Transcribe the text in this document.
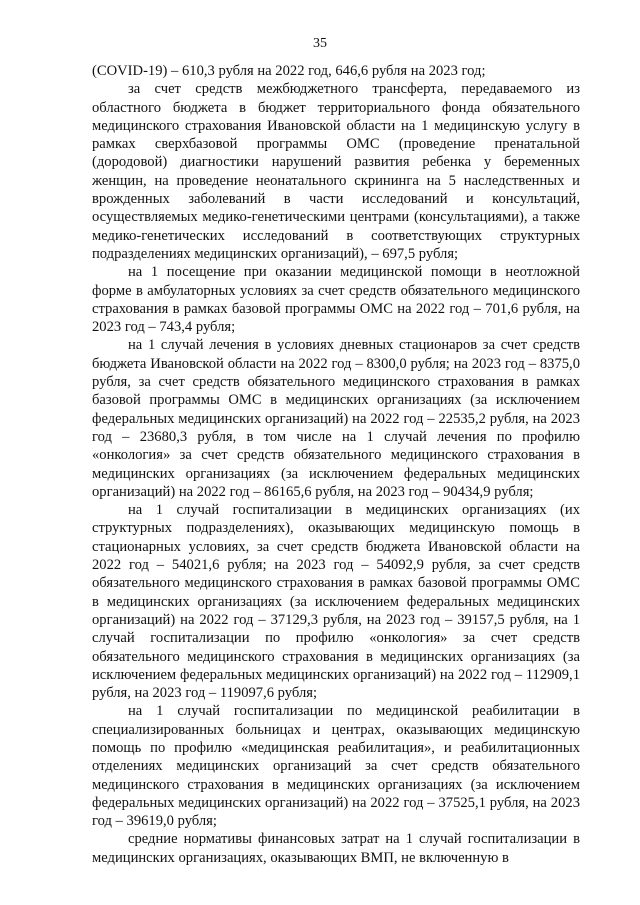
35

(COVID-19) – 610,3 рубля на 2022 год, 646,6 рубля на 2023 год;

за счет средств межбюджетного трансферта, передаваемого из областного бюджета в бюджет территориального фонда обязательного медицинского страхования Ивановской области на 1 медицинскую услугу в рамках сверхбазовой программы ОМС (проведение пренатальной (дородовой) диагностики нарушений развития ребенка у беременных женщин, на проведение неонатального скрининга на 5 наследственных и врожденных заболеваний в части исследований и консультаций, осуществляемых медико-генетическими центрами (консультациями), а также медико-генетических исследований в соответствующих структурных подразделениях медицинских организаций), – 697,5 рубля;

на 1 посещение при оказании медицинской помощи в неотложной форме в амбулаторных условиях за счет средств обязательного медицинского страхования в рамках базовой программы ОМС на 2022 год – 701,6 рубля, на 2023 год – 743,4 рубля;

на 1 случай лечения в условиях дневных стационаров за счет средств бюджета Ивановской области на 2022 год – 8300,0 рубля; на 2023 год – 8375,0 рубля, за счет средств обязательного медицинского страхования в рамках базовой программы ОМС в медицинских организациях (за исключением федеральных медицинских организаций) на 2022 год – 22535,2 рубля, на 2023 год – 23680,3 рубля, в том числе на 1 случай лечения по профилю «онкология» за счет средств обязательного медицинского страхования в медицинских организациях (за исключением федеральных медицинских организаций) на 2022 год – 86165,6 рубля, на 2023 год – 90434,9 рубля;

на 1 случай госпитализации в медицинских организациях (их структурных подразделениях), оказывающих медицинскую помощь в стационарных условиях, за счет средств бюджета Ивановской области на 2022 год – 54021,6 рубля; на 2023 год – 54092,9 рубля, за счет средств обязательного медицинского страхования в рамках базовой программы ОМС в медицинских организациях (за исключением федеральных медицинских организаций) на 2022 год – 37129,3 рубля, на 2023 год – 39157,5 рубля, на 1 случай госпитализации по профилю «онкология» за счет средств обязательного медицинского страхования в медицинских организациях (за исключением федеральных медицинских организаций) на 2022 год – 112909,1 рубля, на 2023 год – 119097,6 рубля;

на 1 случай госпитализации по медицинской реабилитации в специализированных больницах и центрах, оказывающих медицинскую помощь по профилю «медицинская реабилитация», и реабилитационных отделениях медицинских организаций за счет средств обязательного медицинского страхования в медицинских организациях (за исключением федеральных медицинских организаций) на 2022 год – 37525,1 рубля, на 2023 год – 39619,0 рубля;

средние нормативы финансовых затрат на 1 случай госпитализации в медицинских организациях, оказывающих ВМП, не включенную в
